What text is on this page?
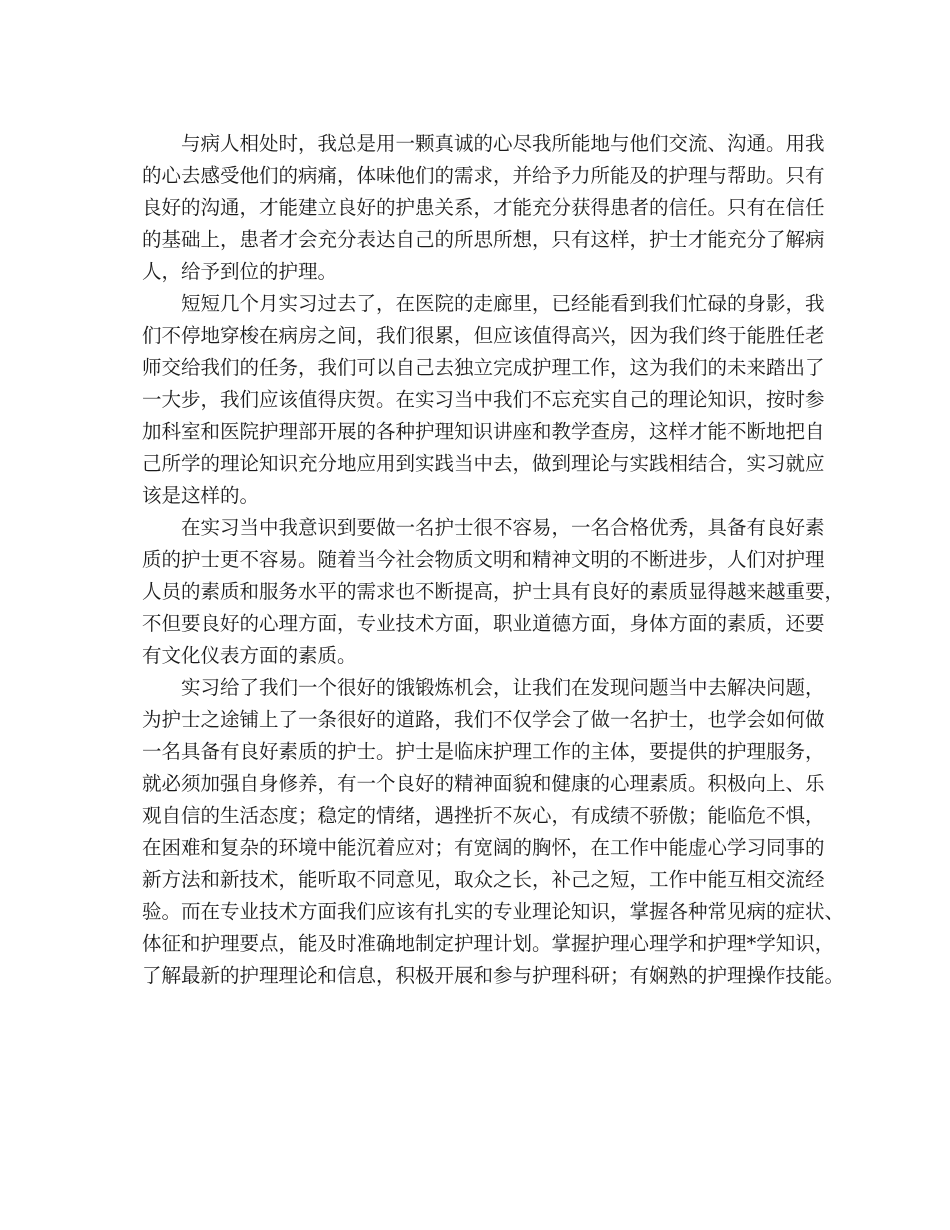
与病人相处时，我总是用一颗真诚的心尽我所能地与他们交流、沟通。用我
的心去感受他们的病痛，体味他们的需求，并给予力所能及的护理与帮助。只有
良好的沟通，才能建立良好的护患关系，才能充分获得患者的信任。只有在信任
的基础上，患者才会充分表达自己的所思所想，只有这样，护士才能充分了解病
人，给予到位的护理。
短短几个月实习过去了，在医院的走廊里，已经能看到我们忙碌的身影，我
们不停地穿梭在病房之间，我们很累，但应该值得高兴，因为我们终于能胜任老
师交给我们的任务，我们可以自己去独立完成护理工作，这为我们的未来踏出了
一大步，我们应该值得庆贺。在实习当中我们不忘充实自己的理论知识，按时参
加科室和医院护理部开展的各种护理知识讲座和教学查房，这样才能不断地把自
己所学的理论知识充分地应用到实践当中去，做到理论与实践相结合，实习就应
该是这样的。
在实习当中我意识到要做一名护士很不容易，一名合格优秀，具备有良好素
质的护士更不容易。随着当今社会物质文明和精神文明的不断进步，人们对护理
人员的素质和服务水平的需求也不断提高，护士具有良好的素质显得越来越重要，
不但要良好的心理方面，专业技术方面，职业道德方面，身体方面的素质，还要
有文化仪表方面的素质。
实习给了我们一个很好的饿锻炼机会，让我们在发现问题当中去解决问题，
为护士之途铺上了一条很好的道路，我们不仅学会了做一名护士，也学会如何做
一名具备有良好素质的护士。护士是临床护理工作的主体，要提供的护理服务，
就必须加强自身修养，有一个良好的精神面貌和健康的心理素质。积极向上、乐
观自信的生活态度；稳定的情绪，遇挫折不灰心，有成绩不骄傲；能临危不惧，
在困难和复杂的环境中能沉着应对；有宽阔的胸怀，在工作中能虚心学习同事的
新方法和新技术，能听取不同意见，取众之长，补己之短，工作中能互相交流经
验。而在专业技术方面我们应该有扎实的专业理论知识，掌握各种常见病的症状、
体征和护理要点，能及时准确地制定护理计划。掌握护理心理学和护理*学知识，
了解最新的护理理论和信息，积极开展和参与护理科研；有娴熟的护理操作技能。
